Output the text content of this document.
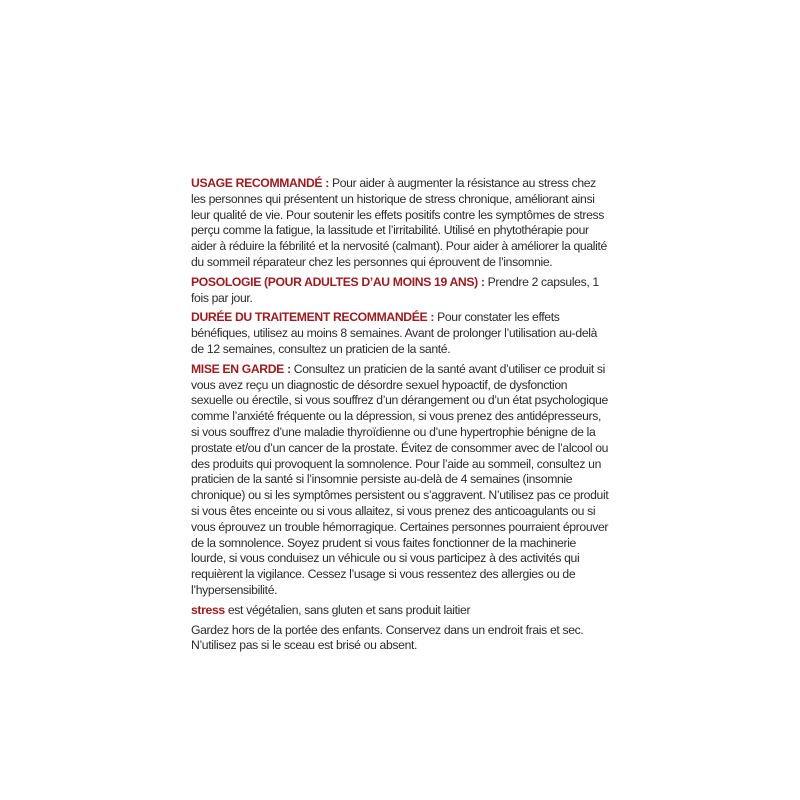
USAGE RECOMMANDÉ : Pour aider à augmenter la résistance au stress chez les personnes qui présentent un historique de stress chronique, améliorant ainsi leur qualité de vie. Pour soutenir les effets positifs contre les symptômes de stress perçu comme la fatigue, la lassitude et l’irritabilité. Utilisé en phytothérapie pour aider à réduire la fébrilité et la nervosité (calmant). Pour aider à améliorer la qualité du sommeil réparateur chez les personnes qui éprouvent de l’insomnie.

POSOLOGIE (POUR ADULTES D’AU MOINS 19 ANS) : Prendre 2 capsules, 1 fois par jour.

DURÉE DU TRAITEMENT RECOMMANDÉE : Pour constater les effets bénéfiques, utilisez au moins 8 semaines. Avant de prolonger l’utilisation au-delà de 12 semaines, consultez un praticien de la santé.

MISE EN GARDE : Consultez un praticien de la santé avant d’utiliser ce produit si vous avez reçu un diagnostic de désordre sexuel hypoactif, de dysfonction sexuelle ou érectile, si vous souffrez d’un dérangement ou d’un état psychologique comme l’anxiété fréquente ou la dépression, si vous prenez des antidépresseurs, si vous souffrez d’une maladie thyroïdienne ou d’une hypertrophie bénigne de la prostate et/ou d’un cancer de la prostate. Évitez de consommer avec de l’alcool ou des produits qui provoquent la somnolence. Pour l’aide au sommeil, consultez un praticien de la santé si l’insomnie persiste au-delà de 4 semaines (insomnie chronique) ou si les symptômes persistent ou s’aggravent. N’utilisez pas ce produit si vous êtes enceinte ou si vous allaitez, si vous prenez des anticoagulants ou si vous éprouvez un trouble hémorragique. Certaines personnes pourraient éprouver de la somnolence. Soyez prudent si vous faites fonctionner de la machinerie lourde, si vous conduisez un véhicule ou si vous participez à des activités qui requièrent la vigilance. Cessez l’usage si vous ressentez des allergies ou de l’hypersensibilité.

stress est végétalien, sans gluten et sans produit laitier

Gardez hors de la portée des enfants. Conservez dans un endroit frais et sec. N’utilisez pas si le sceau est brisé ou absent.
